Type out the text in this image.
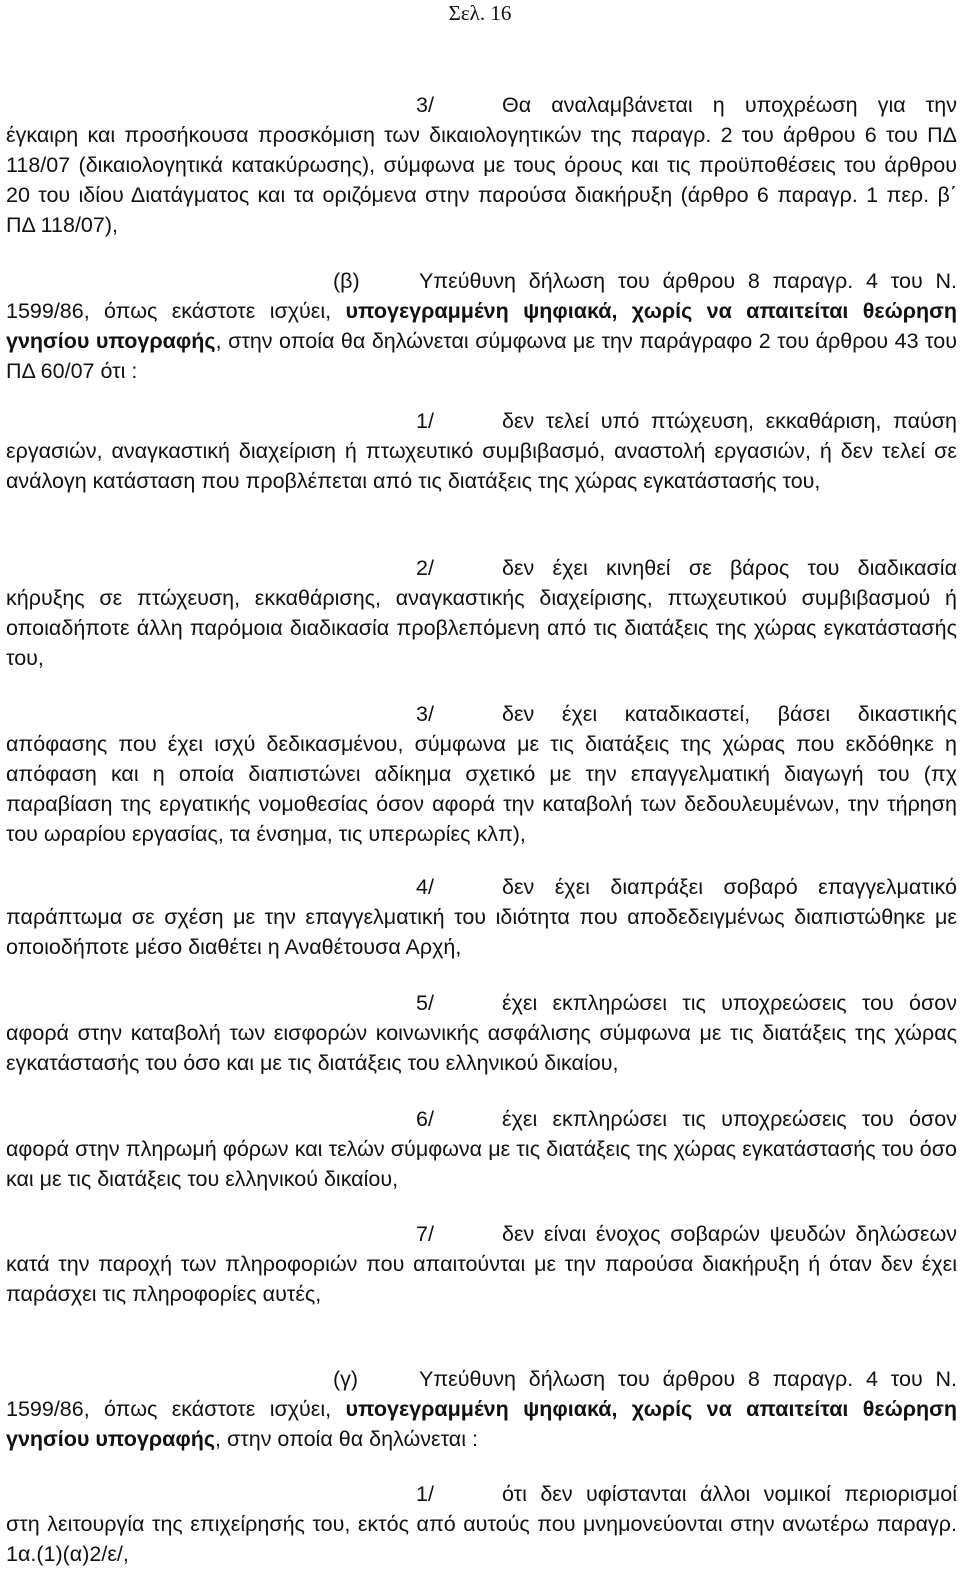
Σελ. 16

3/	Θα αναλαμβάνεται η υποχρέωση για την έγκαιρη και προσήκουσα προσκόμιση των δικαιολογητικών της παραγρ. 2 του άρθρου 6 του ΠΔ 118/07 (δικαιολογητικά κατακύρωσης), σύμφωνα με τους όρους και τις προϋποθέσεις του άρθρου 20 του ιδίου Διατάγματος και τα οριζόμενα στην παρούσα διακήρυξη (άρθρο 6 παραγρ. 1 περ. β΄ ΠΔ 118/07),

(β)	Υπεύθυνη δήλωση του άρθρου 8 παραγρ. 4 του Ν. 1599/86, όπως εκάστοτε ισχύει, υπογεγραμμένη ψηφιακά, χωρίς να απαιτείται θεώρηση γνησίου υπογραφής, στην οποία θα δηλώνεται σύμφωνα με την παράγραφο 2 του άρθρου 43 του ΠΔ 60/07 ότι :

1/	δεν τελεί υπό πτώχευση, εκκαθάριση, παύση εργασιών, αναγκαστική διαχείριση ή πτωχευτικό συμβιβασμό, αναστολή εργασιών, ή δεν τελεί σε ανάλογη κατάσταση που προβλέπεται από τις διατάξεις της χώρας εγκατάστασής του,

2/	δεν έχει κινηθεί σε βάρος του διαδικασία κήρυξης σε πτώχευση, εκκαθάρισης, αναγκαστικής διαχείρισης, πτωχευτικού συμβιβασμού ή οποιαδήποτε άλλη παρόμοια διαδικασία προβλεπόμενη από τις διατάξεις της χώρας εγκατάστασής του,

3/	δεν έχει καταδικαστεί, βάσει δικαστικής απόφασης που έχει ισχύ δεδικασμένου, σύμφωνα με τις διατάξεις της χώρας που εκδόθηκε η απόφαση και η οποία διαπιστώνει αδίκημα σχετικό με την επαγγελματική διαγωγή του (πχ παραβίαση της εργατικής νομοθεσίας όσον αφορά την καταβολή των δεδουλευμένων, την τήρηση του ωραρίου εργασίας, τα ένσημα, τις υπερωρίες κλπ),

4/	δεν έχει διαπράξει σοβαρό επαγγελματικό παράπτωμα σε σχέση με την επαγγελματική του ιδιότητα που αποδεδειγμένως διαπιστώθηκε με οποιοδήποτε μέσο διαθέτει η Αναθέτουσα Αρχή,

5/	έχει εκπληρώσει τις υποχρεώσεις του όσον αφορά στην καταβολή των εισφορών κοινωνικής ασφάλισης σύμφωνα με τις διατάξεις της χώρας εγκατάστασής του όσο και με τις διατάξεις του ελληνικού δικαίου,

6/	έχει εκπληρώσει τις υποχρεώσεις του όσον αφορά στην πληρωμή φόρων και τελών σύμφωνα με τις διατάξεις της χώρας εγκατάστασής του όσο και με τις διατάξεις του ελληνικού δικαίου,

7/	δεν είναι ένοχος σοβαρών ψευδών δηλώσεων κατά την παροχή των πληροφοριών που απαιτούνται με την παρούσα διακήρυξη ή όταν δεν έχει παράσχει τις πληροφορίες αυτές,

(γ)	Υπεύθυνη δήλωση του άρθρου 8 παραγρ. 4 του Ν. 1599/86, όπως εκάστοτε ισχύει, υπογεγραμμένη ψηφιακά, χωρίς να απαιτείται θεώρηση γνησίου υπογραφής, στην οποία θα δηλώνεται :

1/	ότι δεν υφίστανται άλλοι νομικοί περιορισμοί στη λειτουργία της επιχείρησής του, εκτός από αυτούς που μνημονεύονται στην ανωτέρω παραγρ. 1α.(1)(α)2/ε/,
